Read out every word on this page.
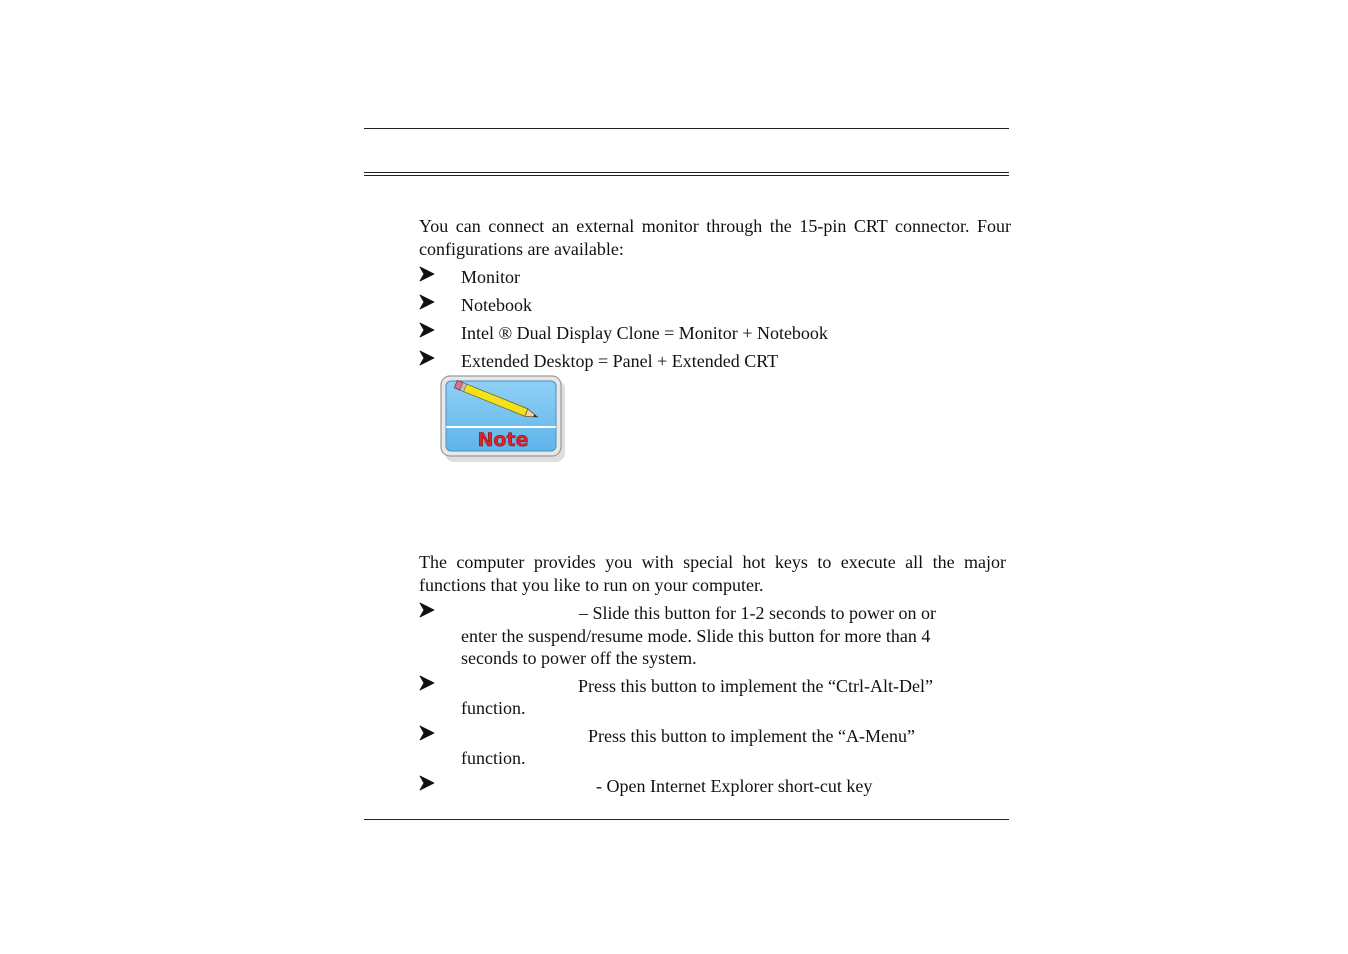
You can connect an external monitor through the 15-pin CRT connector. Four configurations are available:

Monitor
Notebook
Intel ® Dual Display Clone = Monitor + Notebook
Extended Desktop = Panel + Extended CRT
Note

The computer provides you with special hot keys to execute all the major functions that you like to run on your computer.

– Slide this button for 1-2 seconds to power on or
enter the suspend/resume mode. Slide this button for more than 4 seconds to power off the system.
Press this button to implement the “Ctrl-Alt-Del”
function.
Press this button to implement the “A-Menu”
function.
- Open Internet Explorer short-cut key
